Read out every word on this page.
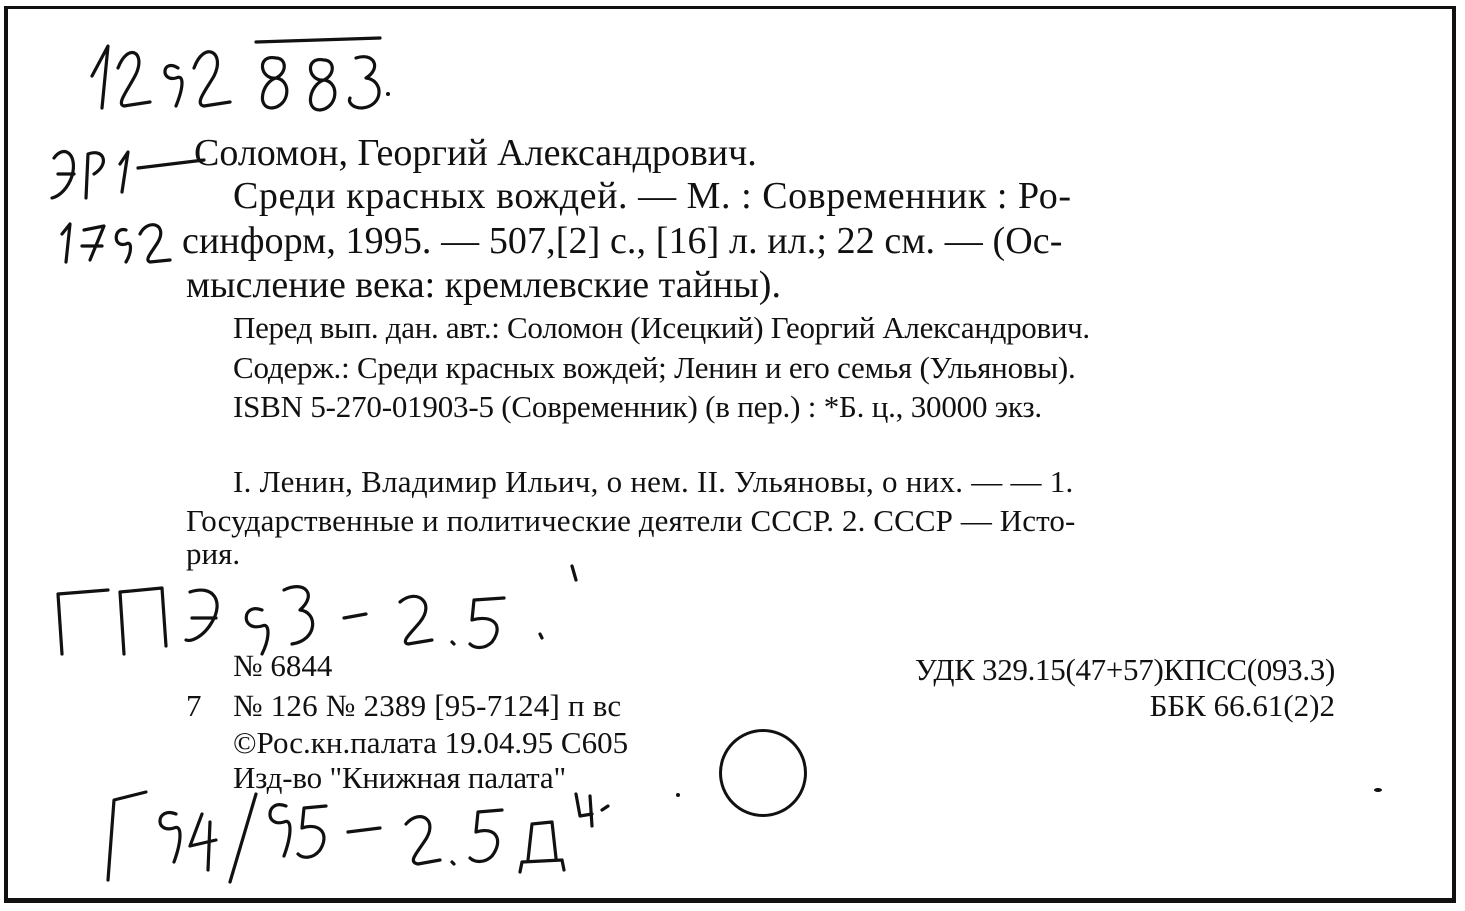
Соломон, Георгий Александрович.
Среди красных вождей. — М. : Современник : Ро-
синформ, 1995. — 507,[2] с., [16] л. ил.; 22 см. — (Ос-
мысление века: кремлевские тайны).
Перед вып. дан. авт.: Соломон (Исецкий) Георгий Александрович.
Содерж.: Среди красных вождей; Ленин и его семья (Ульяновы).
ISBN 5-270-01903-5 (Современник) (в пер.) : *Б. ц., 30000 экз.
I. Ленин, Владимир Ильич, о нем. II. Ульяновы, о них. — — 1.
Государственные и политические деятели СССР. 2. СССР — Исто-
рия.
№ 6844
7 № 126 № 2389 [95-7124] п вс
©Рос.кн.палата 19.04.95 С605
Изд-во "Книжная палата"
УДК 329.15(47+57)КПСС(093.3)
ББК 66.61(2)2
